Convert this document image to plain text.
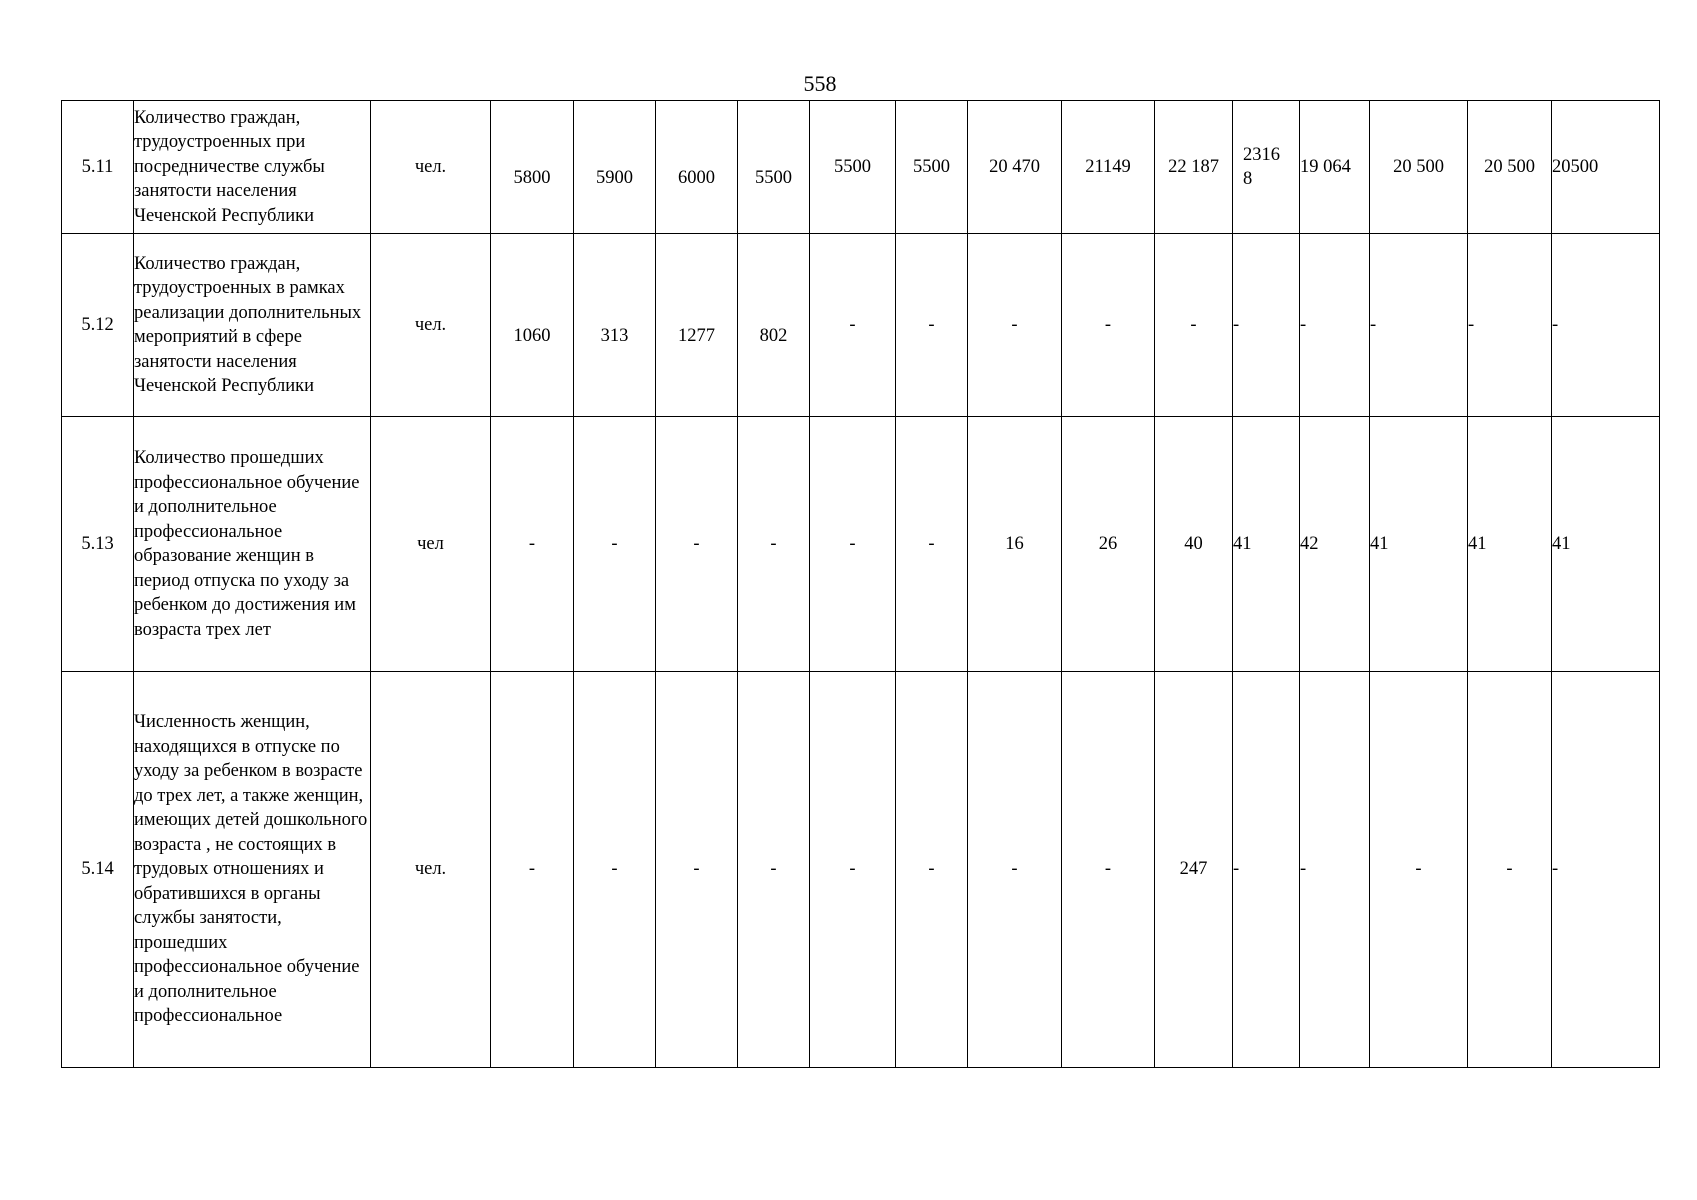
558
5.11	Количество граждан, трудоустроенных при посредничестве службы занятости населения Чеченской Республики	чел.	5800	5900	6000	5500	5500	5500	20 470	21149	22 187	2316 8	19 064	20 500	20 500	20500
5.12	Количество граждан, трудоустроенных в рамках реализации дополнительных мероприятий в сфере занятости населения Чеченской Республики	чел.	1060	313	1277	802	-	-	-	-	-	-	-	-	-	-
5.13	Количество прошедших профессиональное обучение и дополнительное профессиональное образование женщин в период отпуска по уходу за ребенком до достижения им возраста трех лет	чел	-	-	-	-	-	-	16	26	40	41	42	41	41	41
5.14	Численность женщин, находящихся в отпуске по уходу за ребенком в возрасте до трех лет, а также женщин, имеющих детей дошкольного возраста , не состоящих в трудовых отношениях и обратившихся в органы службы занятости, прошедших профессиональное обучение и дополнительное профессиональное	чел.	-	-	-	-	-	-	-	-	247	-	-	-	-	-
